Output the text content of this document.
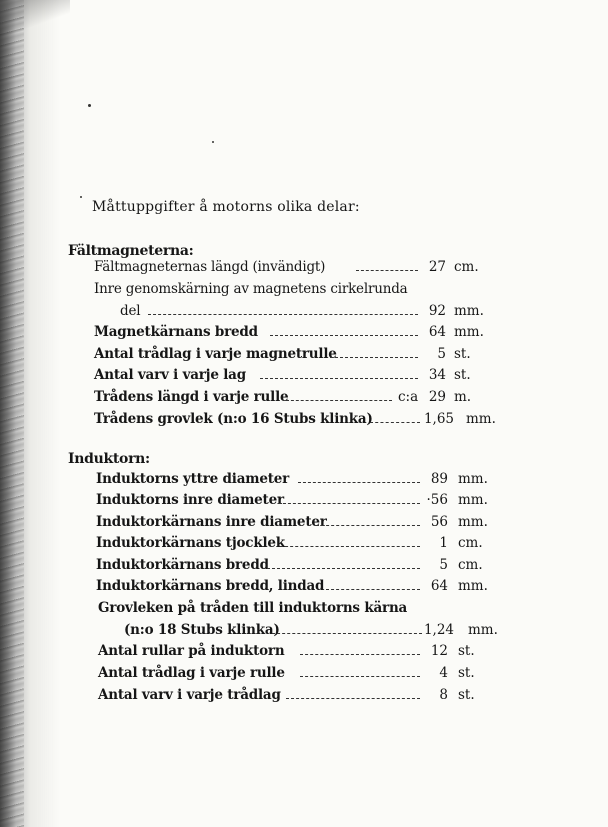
Måttuppgifter å motorns olika delar:
Fältmagneterna:
Fältmagneternas längd (invändigt)	27 cm.
Inre genomskärning av magnetens cirkelrunda
del	92 mm.
Magnetkärnans bredd	64 mm.
Antal trådlag i varje magnetrulle	5 st.
Antal varv i varje lag	34 st.
Trådens längd i varje rulle	c:a 29 m.
Trådens grovlek (n:o 16 Stubs klinka)	1,65 mm.
Induktorn:
Induktorns yttre diameter	89 mm.
Induktorns inre diameter	·56 mm.
Induktorkärnans inre diameter	56 mm.
Induktorkärnans tjocklek	1 cm.
Induktorkärnans bredd	5 cm.
Induktorkärnans bredd, lindad	64 mm.
Grovleken på tråden till induktorns kärna
(n:o 18 Stubs klinka)	1,24 mm.
Antal rullar på induktorn	12 st.
Antal trådlag i varje rulle	4 st.
Antal varv i varje trådlag	8 st.
